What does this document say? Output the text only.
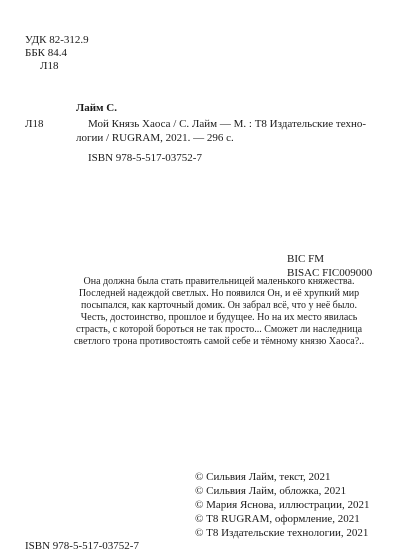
УДК 82-312.9
ББК 84.4
Л18
Л18
Лайм С.
Мой Князь Хаоса / С. Лайм — М. : Т8 Издательские техно-
логии / RUGRAM, 2021. — 296 с.
ISBN 978-5-517-03752-7
Она должна была стать правительницей маленького княжества.
Последней надеждой светлых. Но появился Он, и её хрупкий мир
посыпался, как карточный домик. Он забрал всё, что у неё было.
Честь, достоинство, прошлое и будущее. Но на их место явилась
страсть, с которой бороться не так просто... Сможет ли наследница
светлого трона противостоять самой себе и тёмному князю Хаоса?..
BIC FM
BISAC FIC009000
ISBN 978-5-517-03752-7
© Сильвия Лайм, текст, 2021
© Сильвия Лайм, обложка, 2021
© Мария Яснова, иллюстрации, 2021
© Т8 RUGRAM, оформление, 2021
© Т8 Издательские технологии, 2021
